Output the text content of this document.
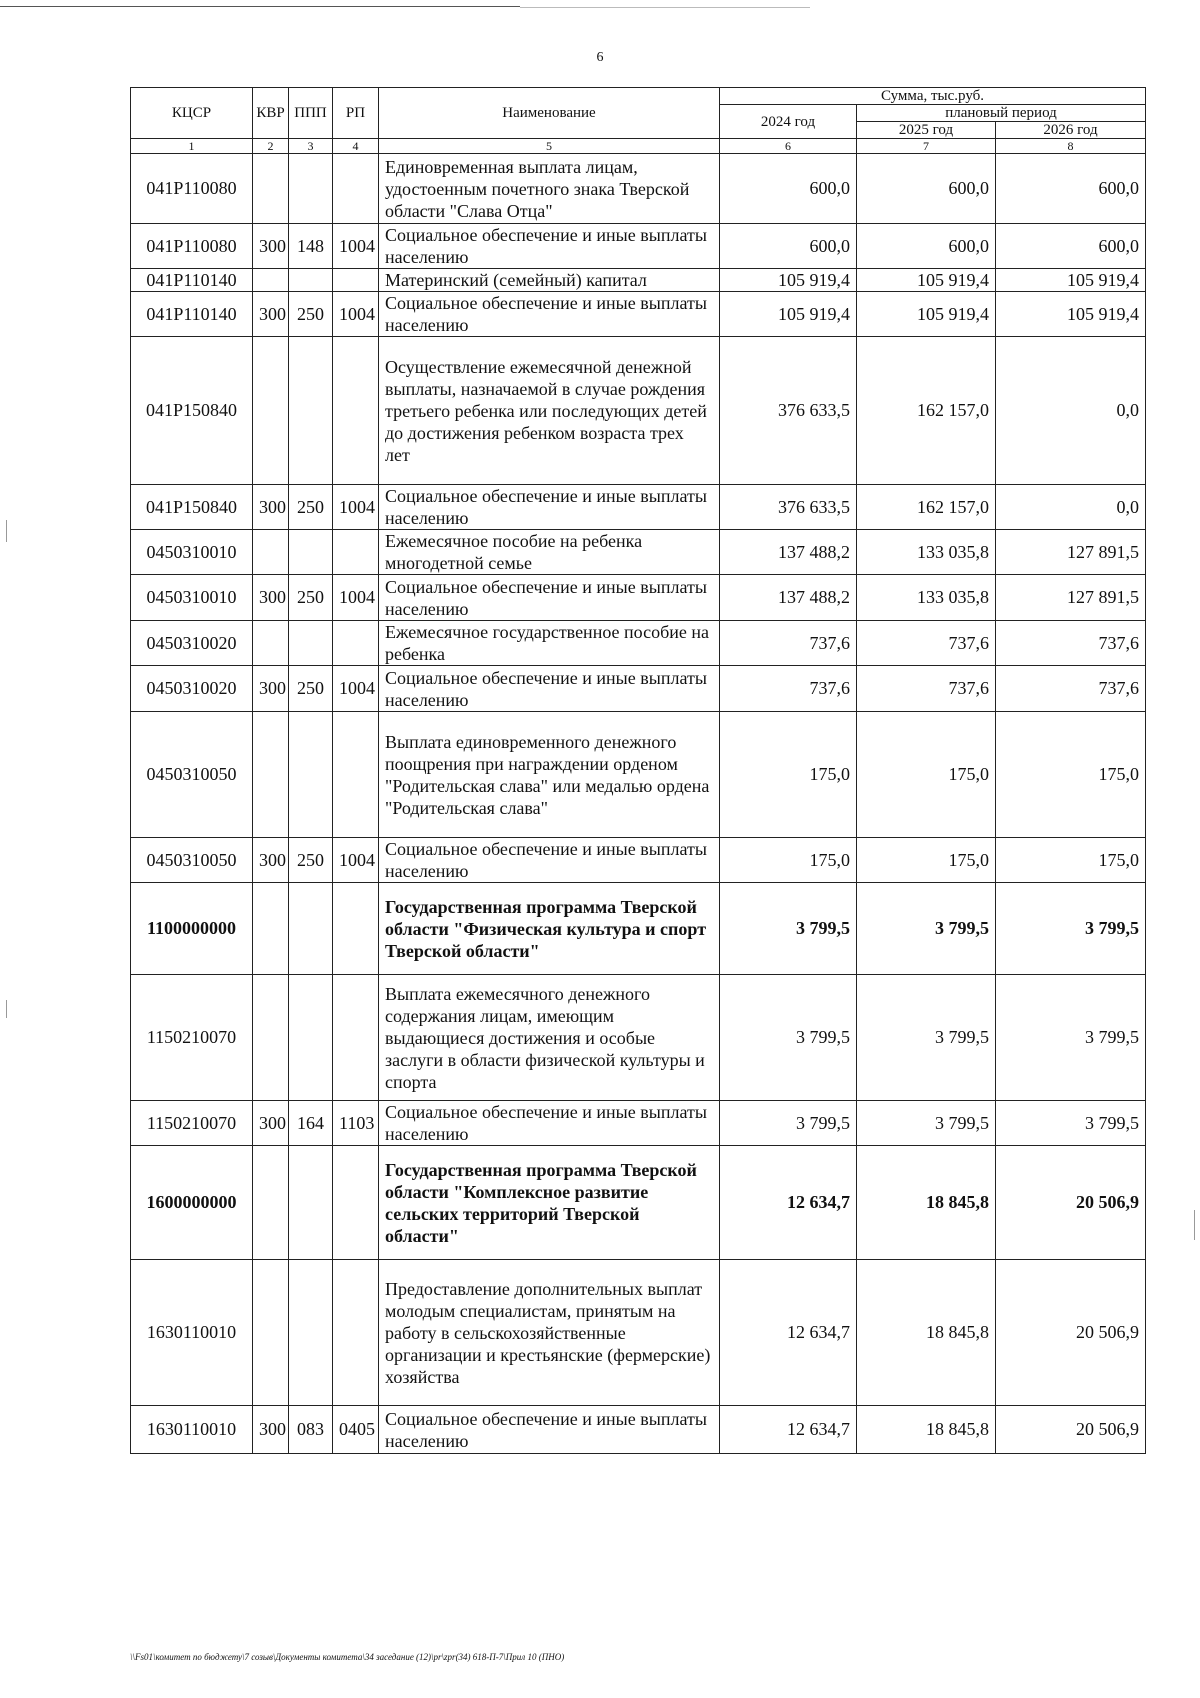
6
КЦСР	КВР	ППП	РП	Наименование	Сумма, тыс.руб.		
					2024 год	плановый период	
						2025 год	2026 год
1	2	3	4	5	6	7	8
041P110080				Единовременная выплата лицам, удостоенным почетного знака Тверской области "Слава Отца"	600,0	600,0	600,0
041P110080	300	148	1004	Социальное обеспечение и иные выплаты населению	600,0	600,0	600,0
041P110140				Материнский (семейный) капитал	105 919,4	105 919,4	105 919,4
041P110140	300	250	1004	Социальное обеспечение и иные выплаты населению	105 919,4	105 919,4	105 919,4
041P150840				Осуществление ежемесячной денежной выплаты, назначаемой в случае рождения третьего ребенка или последующих детей до достижения ребенком возраста трех лет	376 633,5	162 157,0	0,0
041P150840	300	250	1004	Социальное обеспечение и иные выплаты населению	376 633,5	162 157,0	0,0
0450310010				Ежемесячное пособие на ребенка многодетной семье	137 488,2	133 035,8	127 891,5
0450310010	300	250	1004	Социальное обеспечение и иные выплаты населению	137 488,2	133 035,8	127 891,5
0450310020				Ежемесячное государственное пособие на ребенка	737,6	737,6	737,6
0450310020	300	250	1004	Социальное обеспечение и иные выплаты населению	737,6	737,6	737,6
0450310050				Выплата единовременного денежного поощрения при награждении орденом "Родительская слава" или медалью ордена "Родительская слава"	175,0	175,0	175,0
0450310050	300	250	1004	Социальное обеспечение и иные выплаты населению	175,0	175,0	175,0
1100000000				Государственная программа Тверской области "Физическая культура и спорт Тверской области"	3 799,5	3 799,5	3 799,5
1150210070				Выплата ежемесячного денежного содержания лицам, имеющим выдающиеся достижения и особые заслуги в области физической культуры и спорта	3 799,5	3 799,5	3 799,5
1150210070	300	164	1103	Социальное обеспечение и иные выплаты населению	3 799,5	3 799,5	3 799,5
1600000000				Государственная программа Тверской области "Комплексное развитие сельских территорий Тверской области"	12 634,7	18 845,8	20 506,9
1630110010				Предоставление дополнительных выплат молодым специалистам, принятым на работу в сельскохозяйственные организации и крестьянские (фермерские) хозяйства	12 634,7	18 845,8	20 506,9
1630110010	300	083	0405	Социальное обеспечение и иные выплаты населению	12 634,7	18 845,8	20 506,9
\\Fs01\комитет по бюджету\7 созыв\Документы комитета\34 заседание (12)\pr\zpr(34) 618-П-7\Прил 10 (ПНО)
